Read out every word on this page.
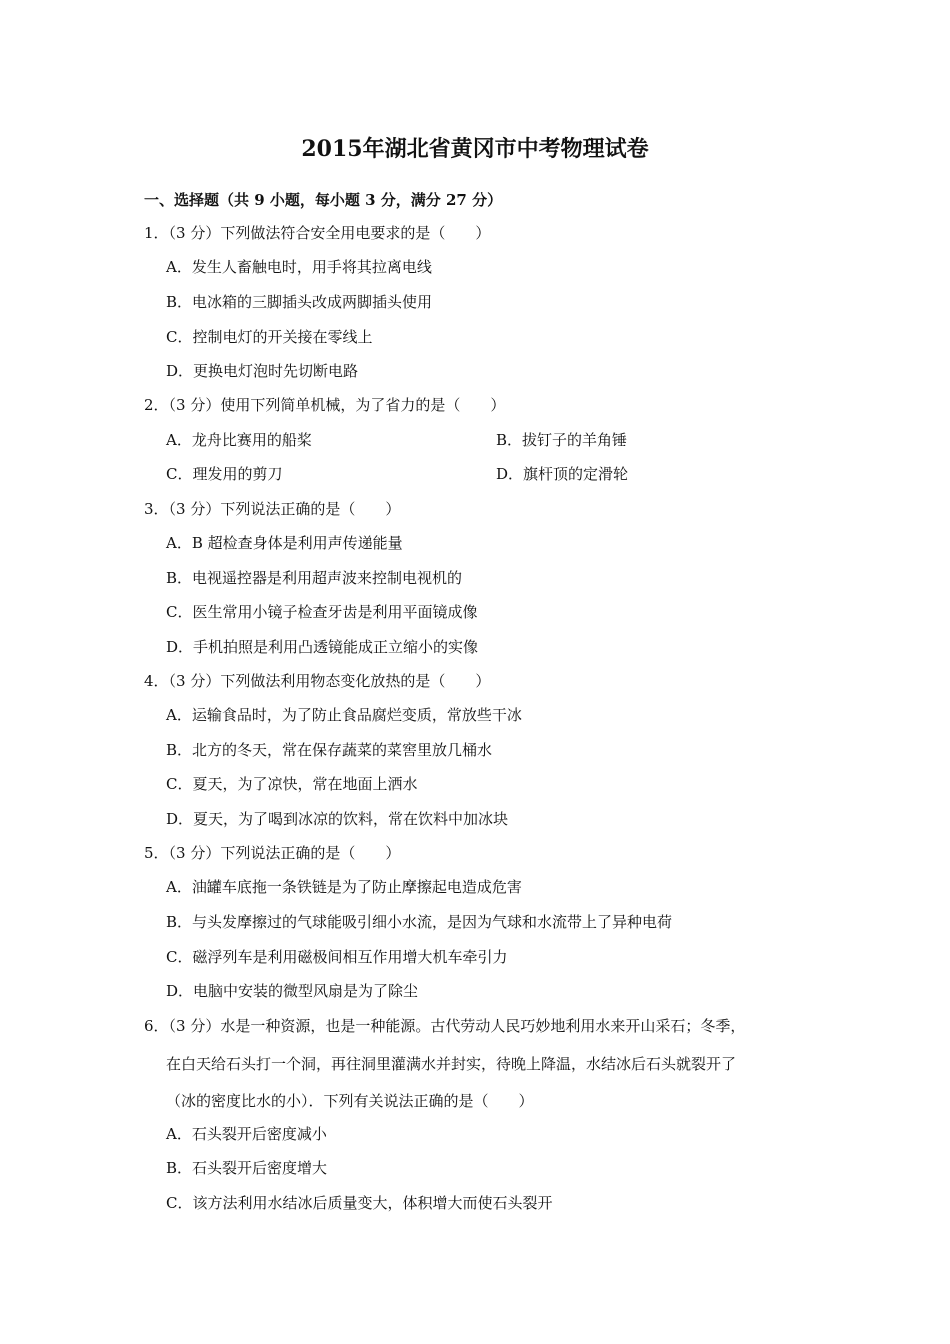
2015年湖北省黄冈市中考物理试卷
一、选择题（共 9 小题，每小题 3 分，满分 27 分）
1．（3 分）下列做法符合安全用电要求的是（　　）
A．发生人畜触电时，用手将其拉离电线
B．电冰箱的三脚插头改成两脚插头使用
C．控制电灯的开关接在零线上
D．更换电灯泡时先切断电路
2．（3 分）使用下列简单机械，为了省力的是（　　）
A．龙舟比赛用的船桨	B．拔钉子的羊角锤
C．理发用的剪刀	D．旗杆顶的定滑轮
3．（3 分）下列说法正确的是（　　）
A．B 超检查身体是利用声传递能量
B．电视遥控器是利用超声波来控制电视机的
C．医生常用小镜子检查牙齿是利用平面镜成像
D．手机拍照是利用凸透镜能成正立缩小的实像
4．（3 分）下列做法利用物态变化放热的是（　　）
A．运输食品时，为了防止食品腐烂变质，常放些干冰
B．北方的冬天，常在保存蔬菜的菜窖里放几桶水
C．夏天，为了凉快，常在地面上洒水
D．夏天，为了喝到冰凉的饮料，常在饮料中加冰块
5．（3 分）下列说法正确的是（　　）
A．油罐车底拖一条铁链是为了防止摩擦起电造成危害
B．与头发摩擦过的气球能吸引细小水流，是因为气球和水流带上了异种电荷
C．磁浮列车是利用磁极间相互作用增大机车牵引力
D．电脑中安装的微型风扇是为了除尘
6．（3 分）水是一种资源，也是一种能源。古代劳动人民巧妙地利用水来开山采石；冬季，
在白天给石头打一个洞，再往洞里灌满水并封实，待晚上降温，水结冰后石头就裂开了
（冰的密度比水的小）．下列有关说法正确的是（　　）
A．石头裂开后密度减小
B．石头裂开后密度增大
C．该方法利用水结冰后质量变大，体积增大而使石头裂开
